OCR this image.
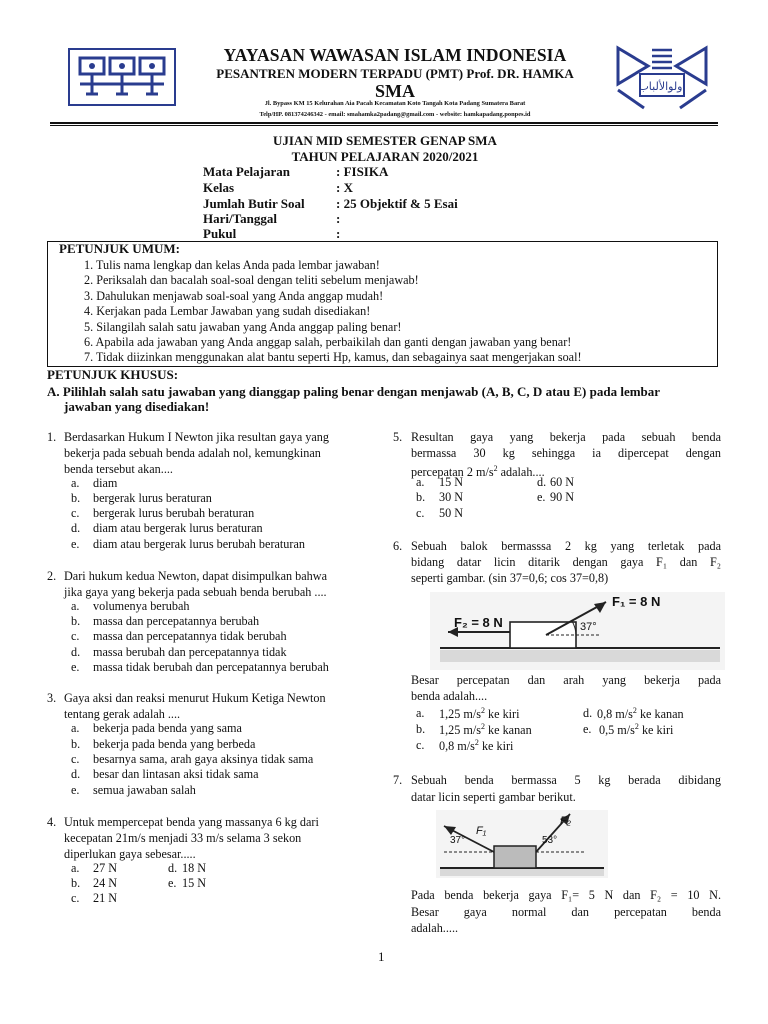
YAYASAN WAWASAN ISLAM INDONESIA
PESANTREN MODERN TERPADU (PMT) Prof. DR. HAMKA
SMA
Jl. Bypass KM 15 Kelurahan Aia Pacah Kecamatan Koto Tangah Kota Padang Sumatera Barat
Telp/HP. 081374246342 - email: smahamka2padang@gmail.com - website: hamkapadang.ponpes.id
أولوالألباب
UJIAN MID SEMESTER GENAP SMA
TAHUN PELAJARAN 2020/2021
Mata Pelajaran	: FISIKA
Kelas	: X
Jumlah Butir Soal : 25 Objektif & 5 Esai
Hari/Tanggal	:
Pukul	:
PETUNJUK UMUM:
1. Tulis nama lengkap dan kelas Anda pada lembar jawaban!
2. Periksalah dan bacalah soal-soal dengan teliti sebelum menjawab!
3. Dahulukan menjawab soal-soal yang Anda anggap mudah!
4. Kerjakan pada Lembar Jawaban yang sudah disediakan!
5. Silangilah salah satu jawaban yang Anda anggap paling benar!
6. Apabila ada jawaban yang Anda anggap salah, perbaikilah dan ganti dengan jawaban yang benar!
7. Tidak diizinkan menggunakan alat bantu seperti Hp, kamus, dan sebagainya saat mengerjakan soal!
PETUNJUK KHUSUS:
A. Pilihlah salah satu jawaban yang dianggap paling benar dengan menjawab (A, B, C, D atau E) pada lembar
jawaban yang disediakan!
1. Berdasarkan Hukum I Newton jika resultan gaya yang
bekerja pada sebuah benda adalah nol, kemungkinan
benda tersebut akan....
a. diam
b. bergerak lurus beraturan
c. bergerak lurus berubah beraturan
d. diam atau bergerak lurus beraturan
e. diam atau bergerak lurus berubah beraturan
2. Dari hukum kedua Newton, dapat disimpulkan bahwa
jika gaya yang bekerja pada sebuah benda berubah ....
a. volumenya berubah
b. massa dan percepatannya berubah
c. massa dan percepatannya tidak berubah
d. massa berubah dan percepatannya tidak
e. massa tidak berubah dan percepatannya berubah
3. Gaya aksi dan reaksi menurut Hukum Ketiga Newton
tentang gerak adalah ....
a. bekerja pada benda yang sama
b. bekerja pada benda yang berbeda
c. besarnya sama, arah gaya aksinya tidak sama
d. besar dan lintasan aksi tidak sama
e. semua jawaban salah
4. Untuk mempercepat benda yang massanya 6 kg dari
kecepatan 21m/s menjadi 33 m/s selama 3 sekon
diperlukan gaya sebesar.....
a. 27 N
b. 24 N
c. 21 N
d. 18 N
e. 15 N
5. Resultan gaya yang bekerja pada sebuah benda
bermassa 30 kg sehingga ia dipercepat dengan
percepatan 2 $m/s^2$ adalah....
a. 15 N
b. 30 N
c. 50 N
d. 60 N
e. 90 N
6. Sebuah balok bermasssa 2 kg yang terletak pada
bidang datar licin ditarik dengan gaya F₁ dan F₂
seperti gambar. (sin 37=0,6; cos 37=0,8)
F₂ = 8 N
F₁ = 8 N
37°
Besar percepatan dan arah yang bekerja pada
benda adalah....
a. 1,25 $m/s^2$ ke kiri
b. 1,25 $m/s^2$ ke kanan
c. 0,8 $m/s^2$ ke kiri
d. 0,8 $m/s^2$ ke kanan
e. 0,5 $m/s^2$ ke kiri
7. Sebuah benda bermassa 5 kg berada dibidang
datar licin seperti gambar berikut.
37°	53°
F₁
F₂
Pada benda bekerja gaya F₁= 5 N dan F₂ = 10 N.
Besar gaya normal dan percepatan benda
adalah.....
1
